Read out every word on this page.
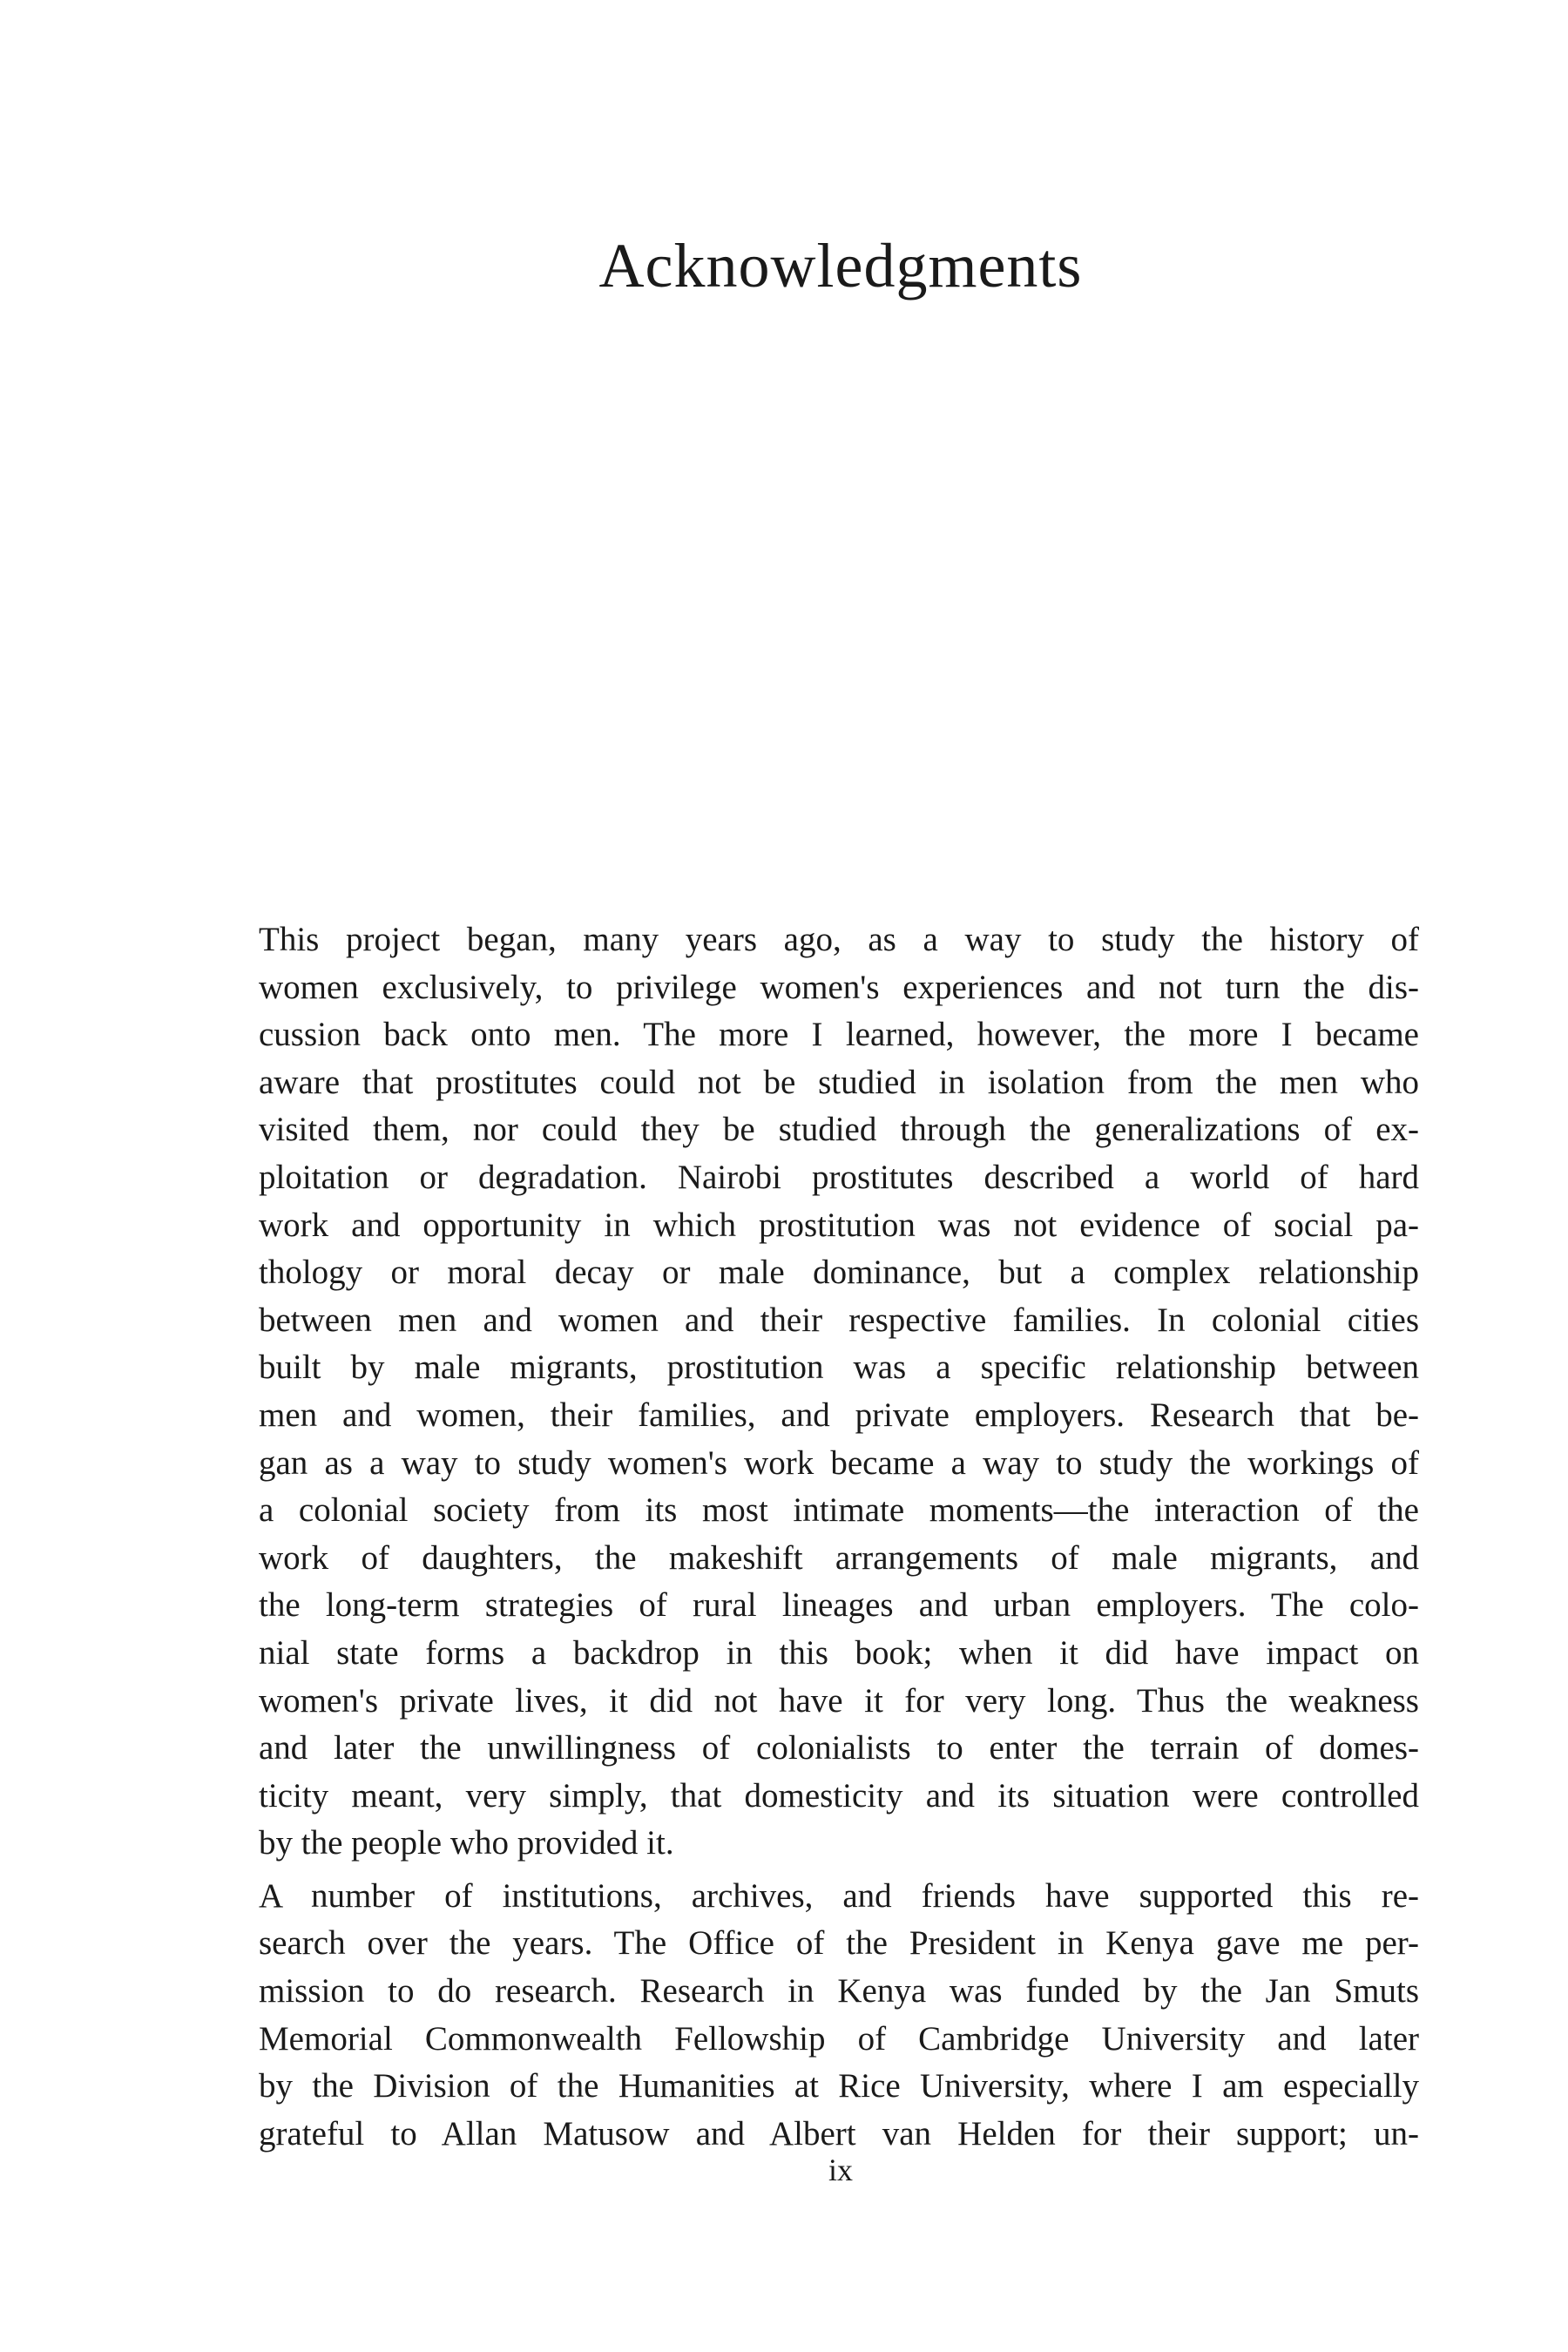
Acknowledgments
This project began, many years ago, as a way to study the history of
women exclusively, to privilege women's experiences and not turn the dis-
cussion back onto men. The more I learned, however, the more I became
aware that prostitutes could not be studied in isolation from the men who
visited them, nor could they be studied through the generalizations of ex-
ploitation or degradation. Nairobi prostitutes described a world of hard
work and opportunity in which prostitution was not evidence of social pa-
thology or moral decay or male dominance, but a complex relationship
between men and women and their respective families. In colonial cities
built by male migrants, prostitution was a specific relationship between
men and women, their families, and private employers. Research that be-
gan as a way to study women's work became a way to study the workings of
a colonial society from its most intimate moments—the interaction of the
work of daughters, the makeshift arrangements of male migrants, and
the long-term strategies of rural lineages and urban employers. The colo-
nial state forms a backdrop in this book; when it did have impact on
women's private lives, it did not have it for very long. Thus the weakness
and later the unwillingness of colonialists to enter the terrain of domes-
ticity meant, very simply, that domesticity and its situation were controlled
by the people who provided it.
A number of institutions, archives, and friends have supported this re-
search over the years. The Office of the President in Kenya gave me per-
mission to do research. Research in Kenya was funded by the Jan Smuts
Memorial Commonwealth Fellowship of Cambridge University and later
by the Division of the Humanities at Rice University, where I am especially
grateful to Allan Matusow and Albert van Helden for their support; un-

ix
